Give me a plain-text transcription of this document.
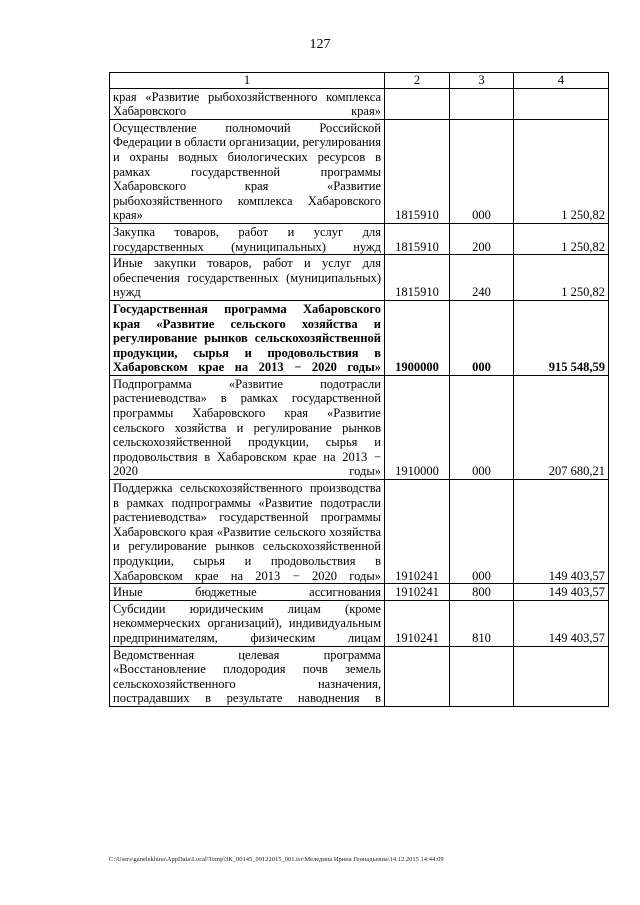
127
1	2	3	4
края «Развитие рыбохозяйственного комплекса Хабаровского края»			
Осуществление полномочий Российской Федерации в области организации, регулирования и охраны водных биологических ресурсов в рамках государственной программы Хабаровского края «Развитие рыбохозяйственного комплекса Хабаровского края»	1815910	000	1 250,82
Закупка товаров, работ и услуг для государственных (муниципальных) нужд	1815910	200	1 250,82
Иные закупки товаров, работ и услуг для обеспечения государственных (муниципальных) нужд	1815910	240	1 250,82
Государственная программа Хабаровского края «Развитие сельского хозяйства и регулирование рынков сельскохозяйственной продукции, сырья и продовольствия в Хабаровском крае на 2013 − 2020 годы»	1900000	000	915 548,59
Подпрограмма «Развитие подотрасли растениеводства» в рамках государственной программы Хабаровского края «Развитие сельского хозяйства и регулирование рынков сельскохозяйственной продукции, сырья и продовольствия в Хабаровском крае на 2013 − 2020 годы»	1910000	000	207 680,21
Поддержка сельскохозяйственного производства в рамках подпрограммы «Развитие подотрасли растениеводства» государственной программы Хабаровского края «Развитие сельского хозяйства и регулирование рынков сельскохозяйственной продукции, сырья и продовольствия в Хабаровском крае на 2013 − 2020 годы»	1910241	000	149 403,57
Иные бюджетные ассигнования	1910241	800	149 403,57
Субсидии юридическим лицам (кроме некоммерческих организаций), индивидуальным предпринимателям, физическим лицам	1910241	810	149 403,57
Ведомственная целевая программа «Восстановление плодородия почв земель сельскохозяйственного назначения, пострадавших в результате наводнения в			
C:\Users\ganelekhina\AppData\Local\Temp\ЗК_00145_09122015_001.tsr\Меледина Ирина Геннадьевна\14.12.2015 14:44:09
